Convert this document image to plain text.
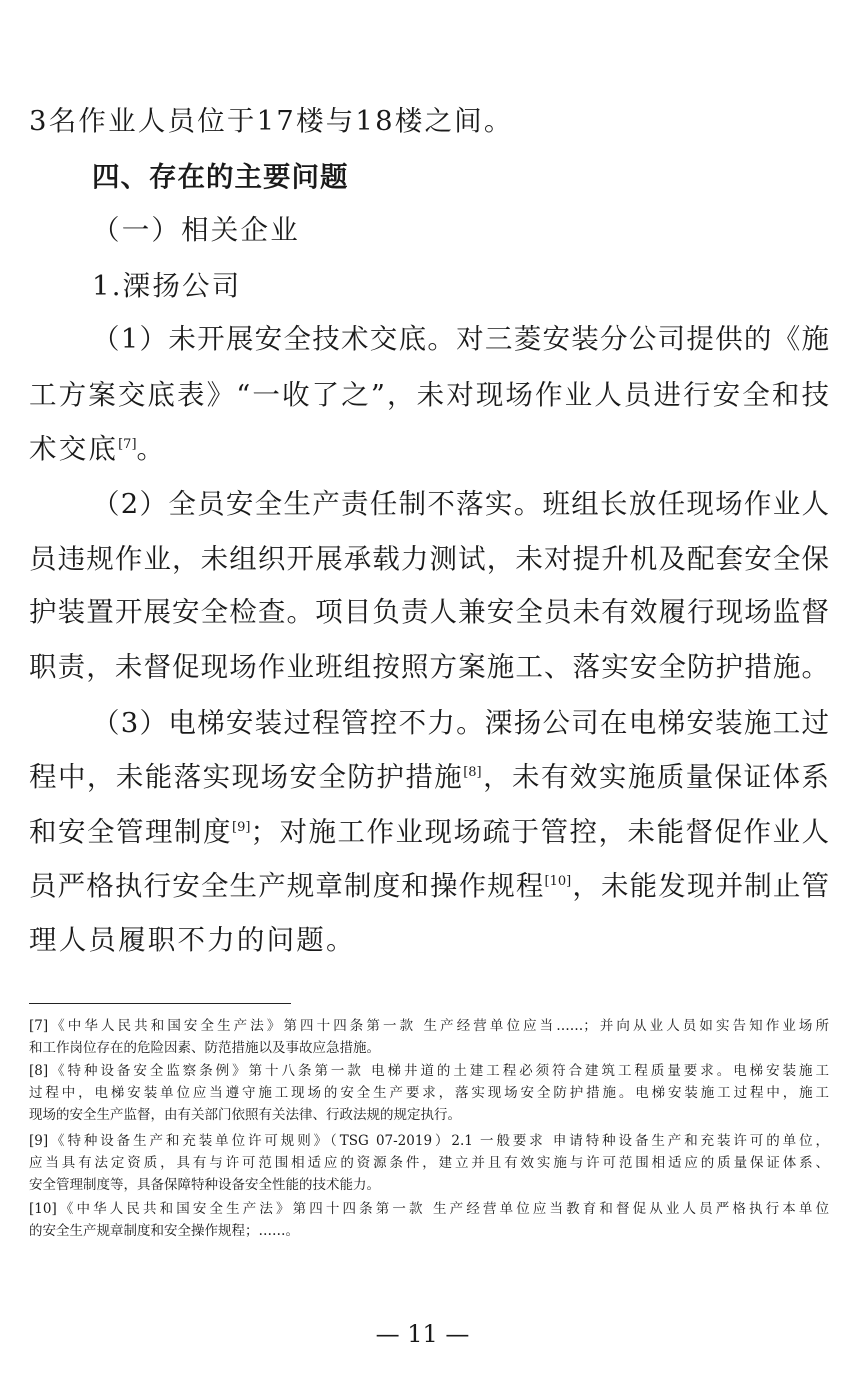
3名作业人员位于17楼与18楼之间。
四、存在的主要问题
（一）相关企业
1.溧扬公司
（1）未开展安全技术交底。对三菱安装分公司提供的《施
工方案交底表》“一收了之”，未对现场作业人员进行安全和技
术交底[7]。
（2）全员安全生产责任制不落实。班组长放任现场作业人
员违规作业，未组织开展承载力测试，未对提升机及配套安全保
护装置开展安全检查。项目负责人兼安全员未有效履行现场监督
职责，未督促现场作业班组按照方案施工、落实安全防护措施。
（3）电梯安装过程管控不力。溧扬公司在电梯安装施工过
程中，未能落实现场安全防护措施[8]，未有效实施质量保证体系
和安全管理制度[9]；对施工作业现场疏于管控，未能督促作业人
员严格执行安全生产规章制度和操作规程[10]，未能发现并制止管
理人员履职不力的问题。
[7]《中华人民共和国安全生产法》第四十四条第一款 生产经营单位应当……；并向从业人员如实告知作业场所
和工作岗位存在的危险因素、防范措施以及事故应急措施。
[8]《特种设备安全监察条例》第十八条第一款 电梯井道的土建工程必须符合建筑工程质量要求。电梯安装施工
过程中，电梯安装单位应当遵守施工现场的安全生产要求，落实现场安全防护措施。电梯安装施工过程中，施工
现场的安全生产监督，由有关部门依照有关法律、行政法规的规定执行。
[9]《特种设备生产和充装单位许可规则》（TSG 07-2019）2.1 一般要求 申请特种设备生产和充装许可的单位，
应当具有法定资质，具有与许可范围相适应的资源条件，建立并且有效实施与许可范围相适应的质量保证体系、
安全管理制度等，具备保障特种设备安全性能的技术能力。
[10]《中华人民共和国安全生产法》第四十四条第一款 生产经营单位应当教育和督促从业人员严格执行本单位
的安全生产规章制度和安全操作规程；……。
— 11 —
